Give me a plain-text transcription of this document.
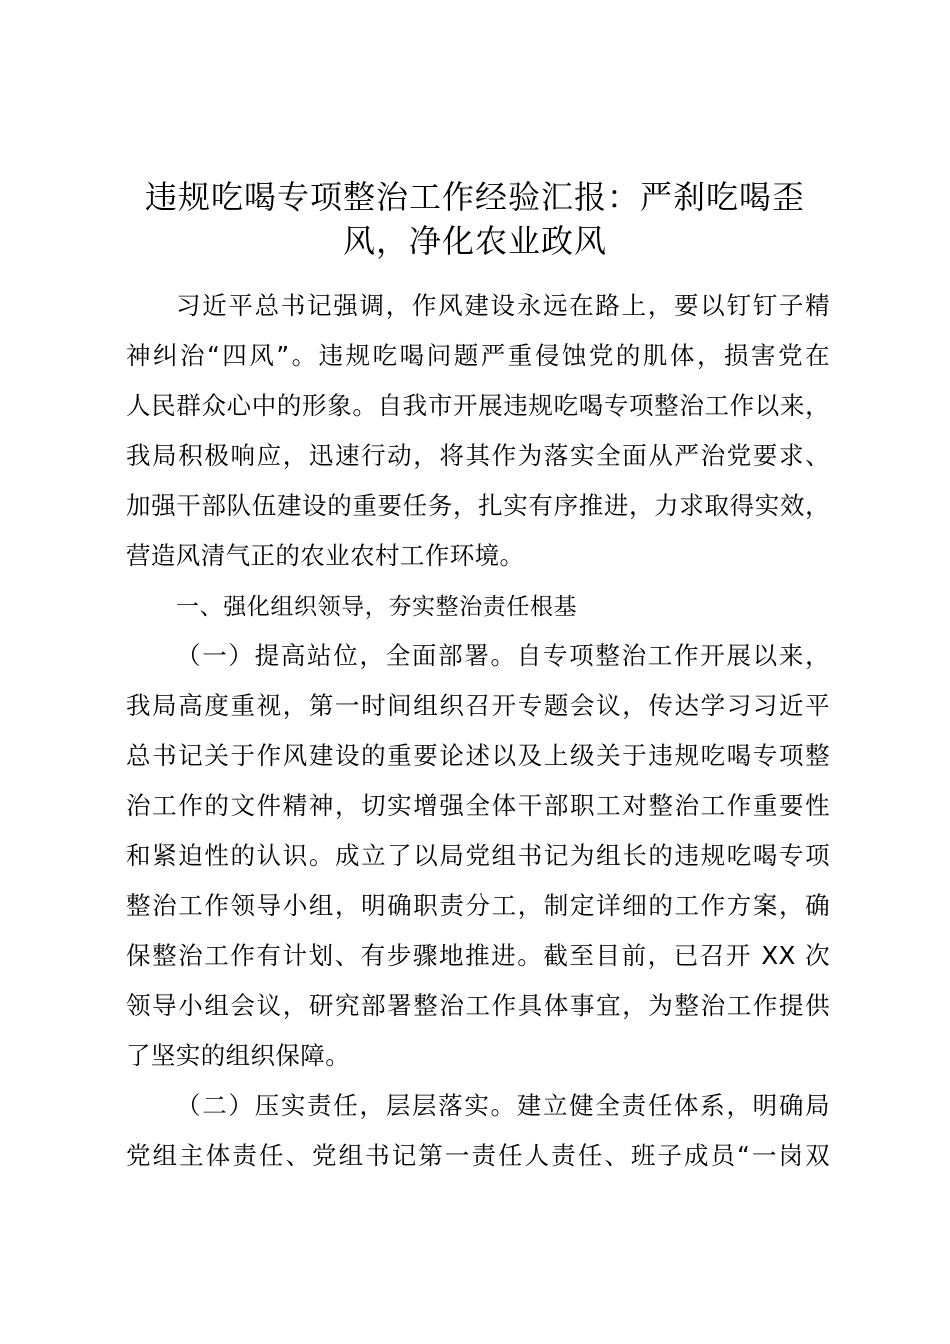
违规吃喝专项整治工作经验汇报：严刹吃喝歪
风，净化农业政风
习近平总书记强调，作风建设永远在路上，要以钉钉子精
神纠治“四风”。违规吃喝问题严重侵蚀党的肌体，损害党在
人民群众心中的形象。自我市开展违规吃喝专项整治工作以来，
我局积极响应，迅速行动，将其作为落实全面从严治党要求、
加强干部队伍建设的重要任务，扎实有序推进，力求取得实效，
营造风清气正的农业农村工作环境。
一、强化组织领导，夯实整治责任根基
（一）提高站位，全面部署。自专项整治工作开展以来，
我局高度重视，第一时间组织召开专题会议，传达学习习近平
总书记关于作风建设的重要论述以及上级关于违规吃喝专项整
治工作的文件精神，切实增强全体干部职工对整治工作重要性
和紧迫性的认识。成立了以局党组书记为组长的违规吃喝专项
整治工作领导小组，明确职责分工，制定详细的工作方案，确
保整治工作有计划、有步骤地推进。截至目前，已召开 XX 次
领导小组会议，研究部署整治工作具体事宜，为整治工作提供
了坚实的组织保障。
（二）压实责任，层层落实。建立健全责任体系，明确局
党组主体责任、党组书记第一责任人责任、班子成员“一岗双
